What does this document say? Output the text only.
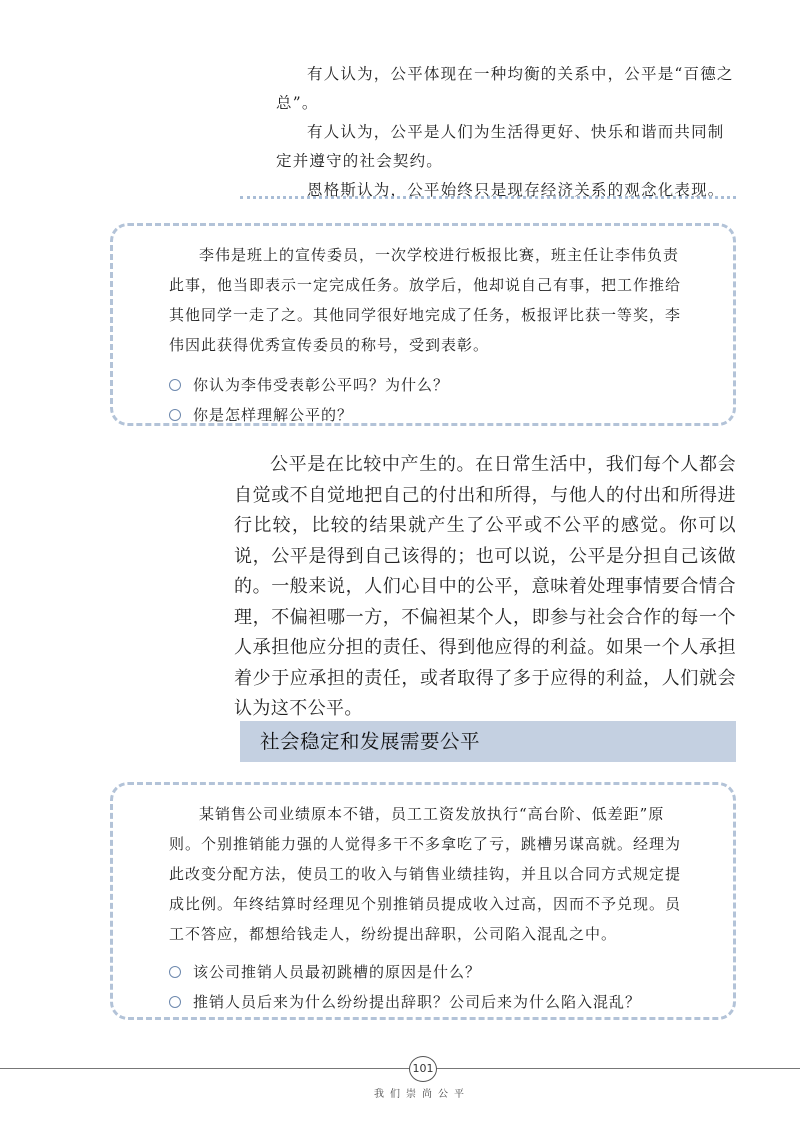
有人认为，公平体现在一种均衡的关系中，公平是“百德之总”。

有人认为，公平是人们为生活得更好、快乐和谐而共同制定并遵守的社会契约。

恩格斯认为，公平始终只是现存经济关系的观念化表现。

李伟是班上的宣传委员，一次学校进行板报比赛，班主任让李伟负责此事，他当即表示一定完成任务。放学后，他却说自己有事，把工作推给其他同学一走了之。其他同学很好地完成了任务，板报评比获一等奖，李伟因此获得优秀宣传委员的称号，受到表彰。

你认为李伟受表彰公平吗？为什么？
你是怎样理解公平的？

公平是在比较中产生的。在日常生活中，我们每个人都会自觉或不自觉地把自己的付出和所得，与他人的付出和所得进行比较，比较的结果就产生了公平或不公平的感觉。你可以说，公平是得到自己该得的；也可以说，公平是分担自己该做的。一般来说，人们心目中的公平，意味着处理事情要合情合理，不偏袒哪一方，不偏袒某个人，即参与社会合作的每一个人承担他应分担的责任、得到他应得的利益。如果一个人承担着少于应承担的责任，或者取得了多于应得的利益，人们就会认为这不公平。

社会稳定和发展需要公平

某销售公司业绩原本不错，员工工资发放执行“高台阶、低差距”原则。个别推销能力强的人觉得多干不多拿吃了亏，跳槽另谋高就。经理为此改变分配方法，使员工的收入与销售业绩挂钩，并且以合同方式规定提成比例。年终结算时经理见个别推销员提成收入过高，因而不予兑现。员工不答应，都想给钱走人，纷纷提出辞职，公司陷入混乱之中。

该公司推销人员最初跳槽的原因是什么？
推销人员后来为什么纷纷提出辞职？公司后来为什么陷入混乱？
101
我们崇尚公平
